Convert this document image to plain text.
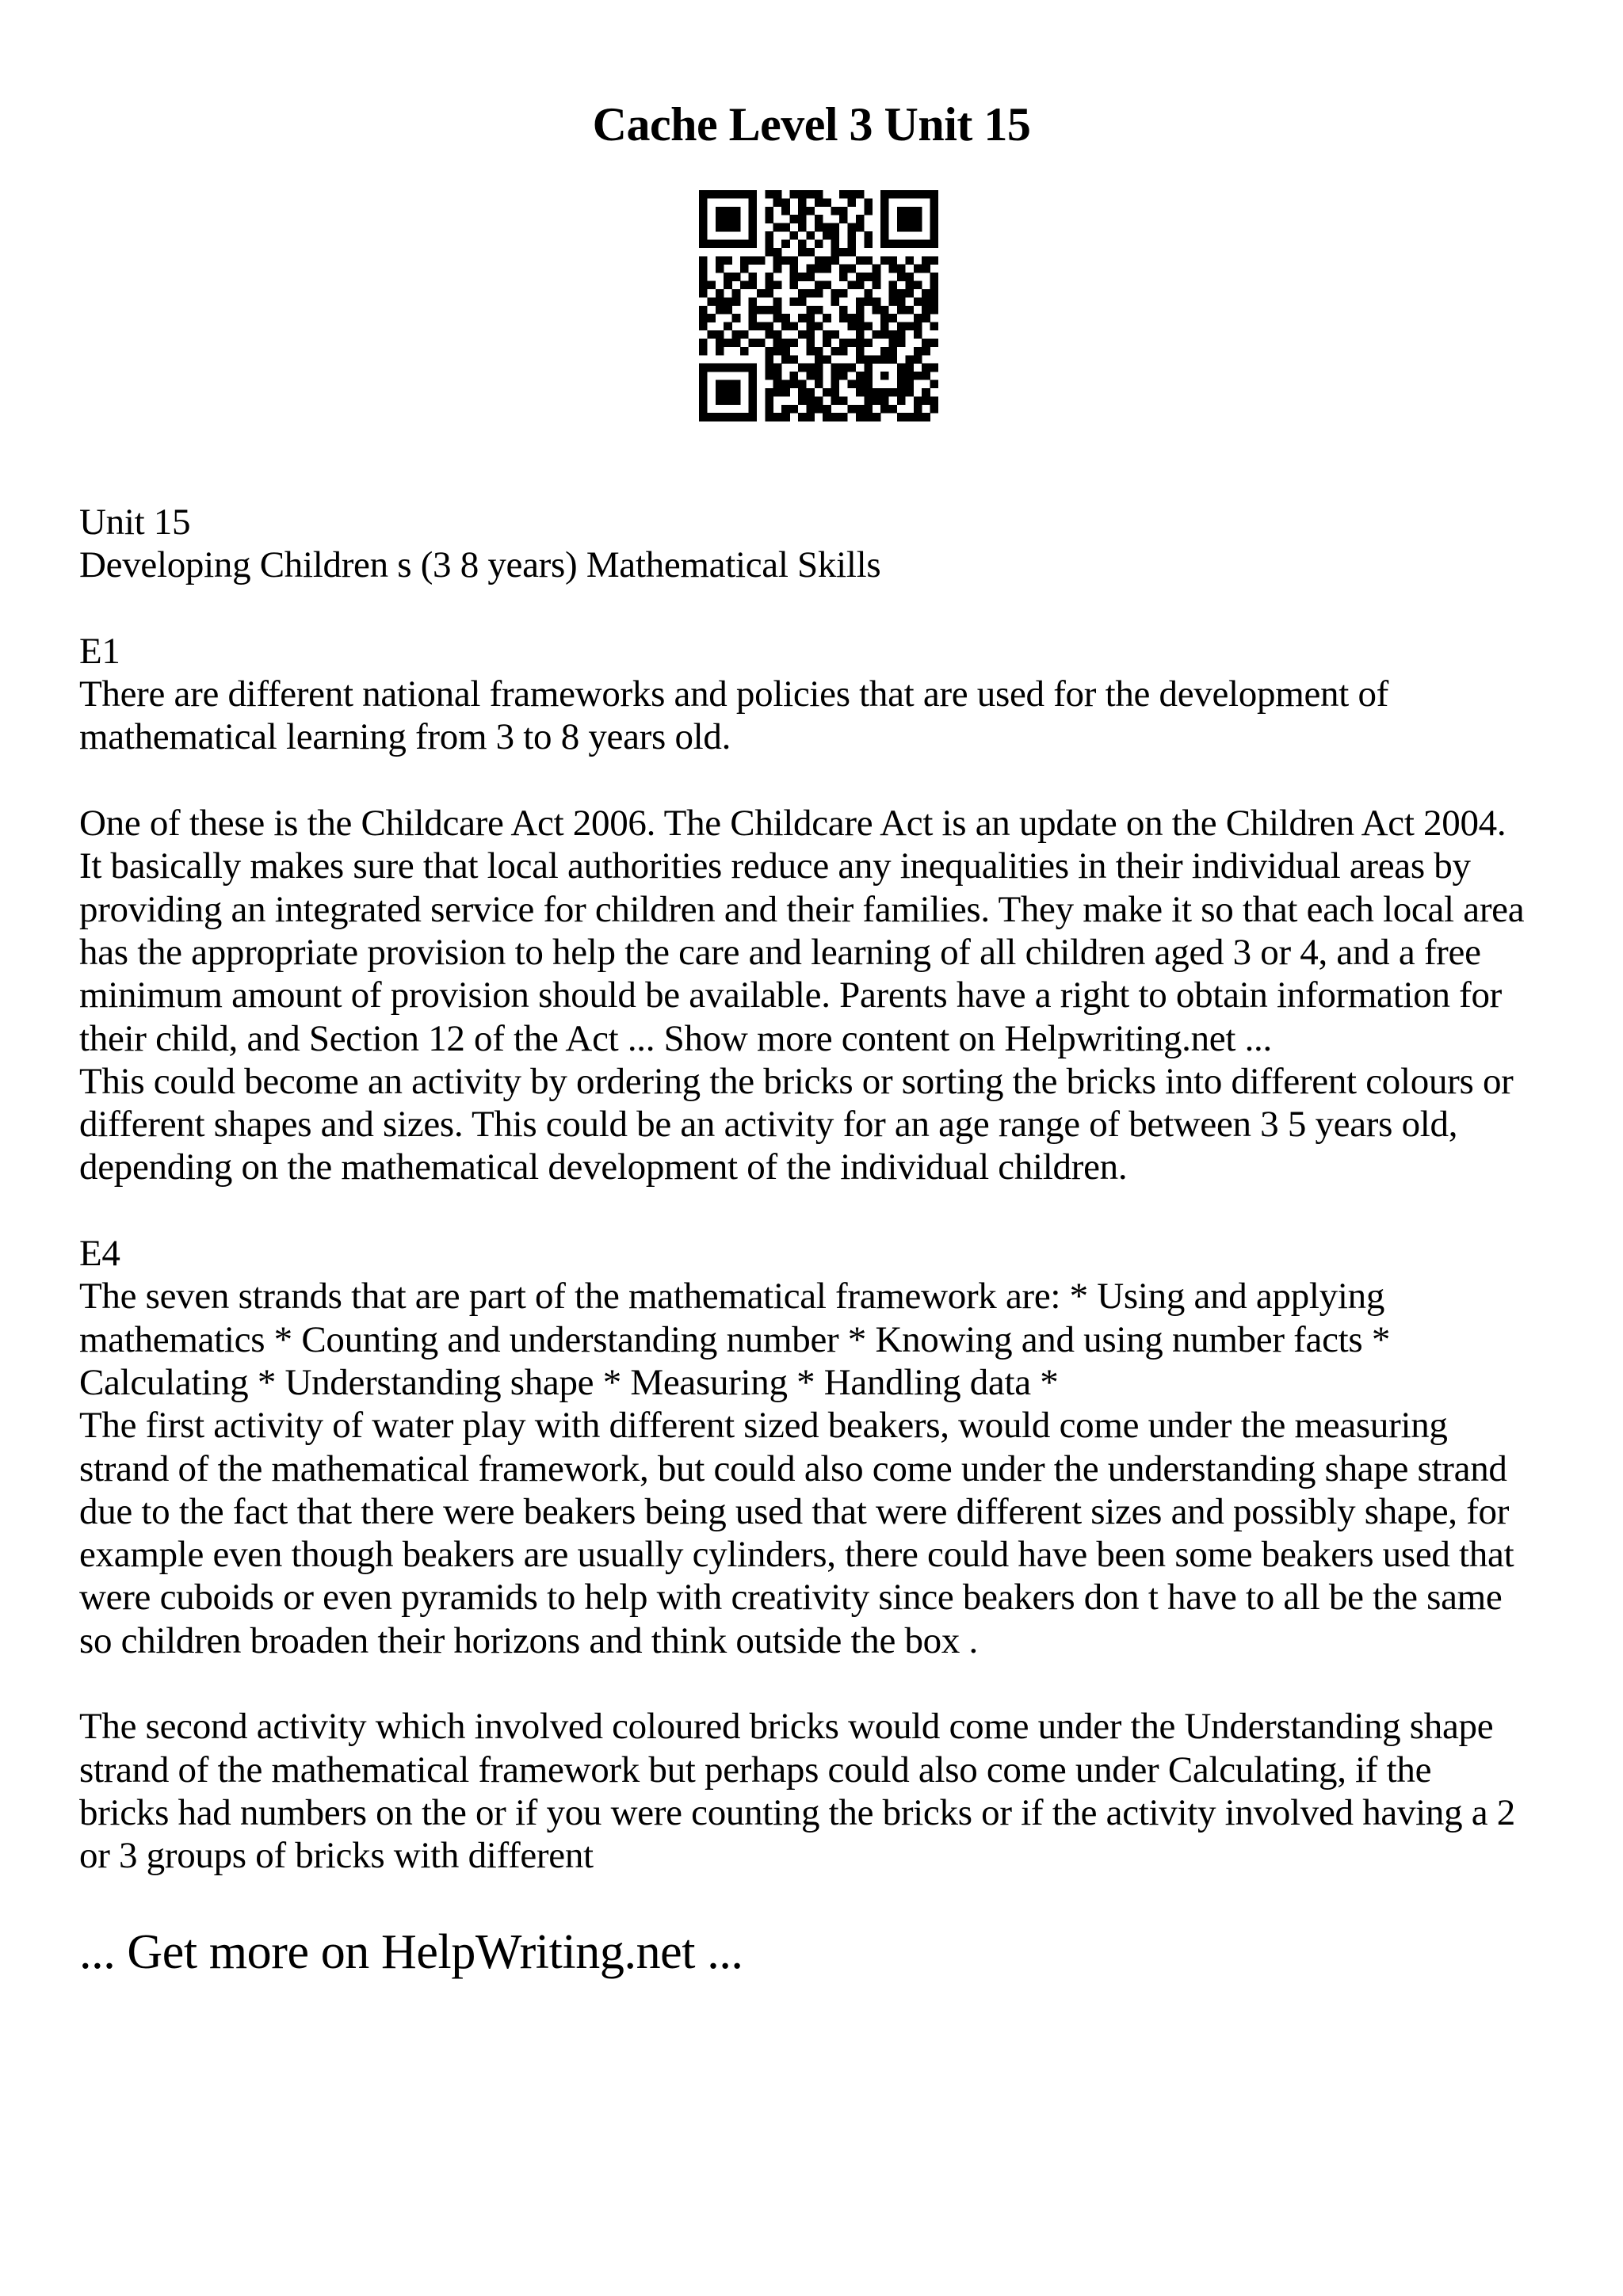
Cache Level 3 Unit 15
Unit 15
Developing Children s (3 8 years) Mathematical Skills
E1
There are different national frameworks and policies that are used for the development of
mathematical learning from 3 to 8 years old.
One of these is the Childcare Act 2006. The Childcare Act is an update on the Children Act 2004.
It basically makes sure that local authorities reduce any inequalities in their individual areas by
providing an integrated service for children and their families. They make it so that each local area
has the appropriate provision to help the care and learning of all children aged 3 or 4, and a free
minimum amount of provision should be available. Parents have a right to obtain information for
their child, and Section 12 of the Act ... Show more content on Helpwriting.net ...
This could become an activity by ordering the bricks or sorting the bricks into different colours or
different shapes and sizes. This could be an activity for an age range of between 3 5 years old,
depending on the mathematical development of the individual children.
E4
The seven strands that are part of the mathematical framework are: * Using and applying
mathematics * Counting and understanding number * Knowing and using number facts *
Calculating * Understanding shape * Measuring * Handling data *
The first activity of water play with different sized beakers, would come under the measuring
strand of the mathematical framework, but could also come under the understanding shape strand
due to the fact that there were beakers being used that were different sizes and possibly shape, for
example even though beakers are usually cylinders, there could have been some beakers used that
were cuboids or even pyramids to help with creativity since beakers don t have to all be the same
so children broaden their horizons and think outside the box .
The second activity which involved coloured bricks would come under the Understanding shape
strand of the mathematical framework but perhaps could also come under Calculating, if the
bricks had numbers on the or if you were counting the bricks or if the activity involved having a 2
or 3 groups of bricks with different
... Get more on HelpWriting.net ...
